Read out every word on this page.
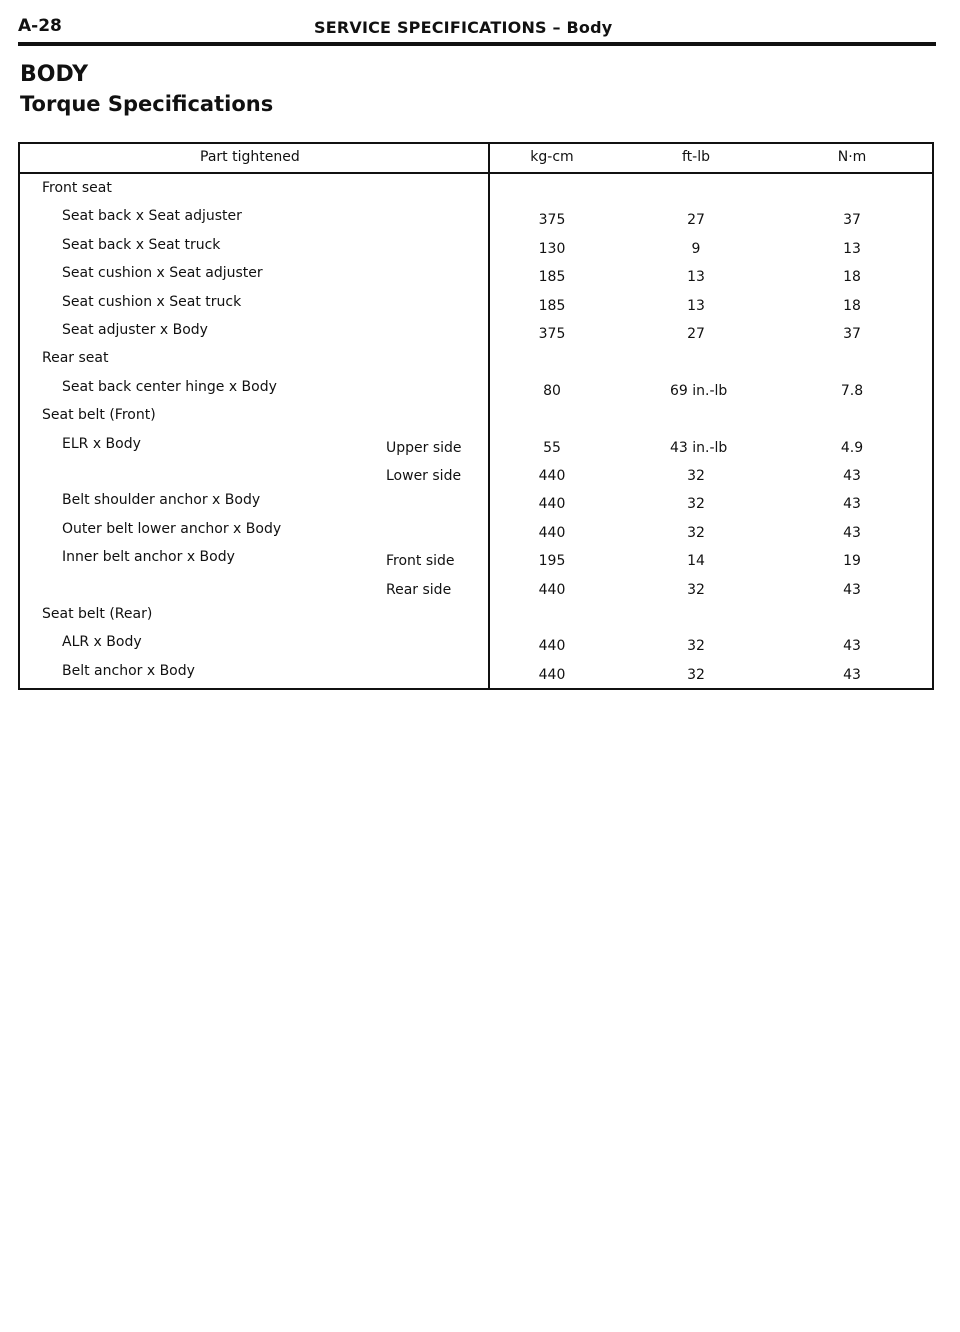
A-28	SERVICE SPECIFICATIONS – Body
BODY
Torque Specifications
Part tightened	kg-cm	ft-lb	N·m
Front seat
Seat back x Seat adjuster	375	27	37
Seat back x Seat truck	130	9	13
Seat cushion x Seat adjuster	185	13	18
Seat cushion x Seat truck	185	13	18
Seat adjuster x Body	375	27	37
Rear seat
Seat back center hinge x Body	80	69 in.-lb	7.8
Seat belt (Front)
ELR x Body	Upper side	55	43 in.-lb	4.9
Lower side	440	32	43
Belt shoulder anchor x Body	440	32	43
Outer belt lower anchor x Body	440	32	43
Inner belt anchor x Body	Front side	195	14	19
Rear side	440	32	43
Seat belt (Rear)
ALR x Body	440	32	43
Belt anchor x Body	440	32	43
